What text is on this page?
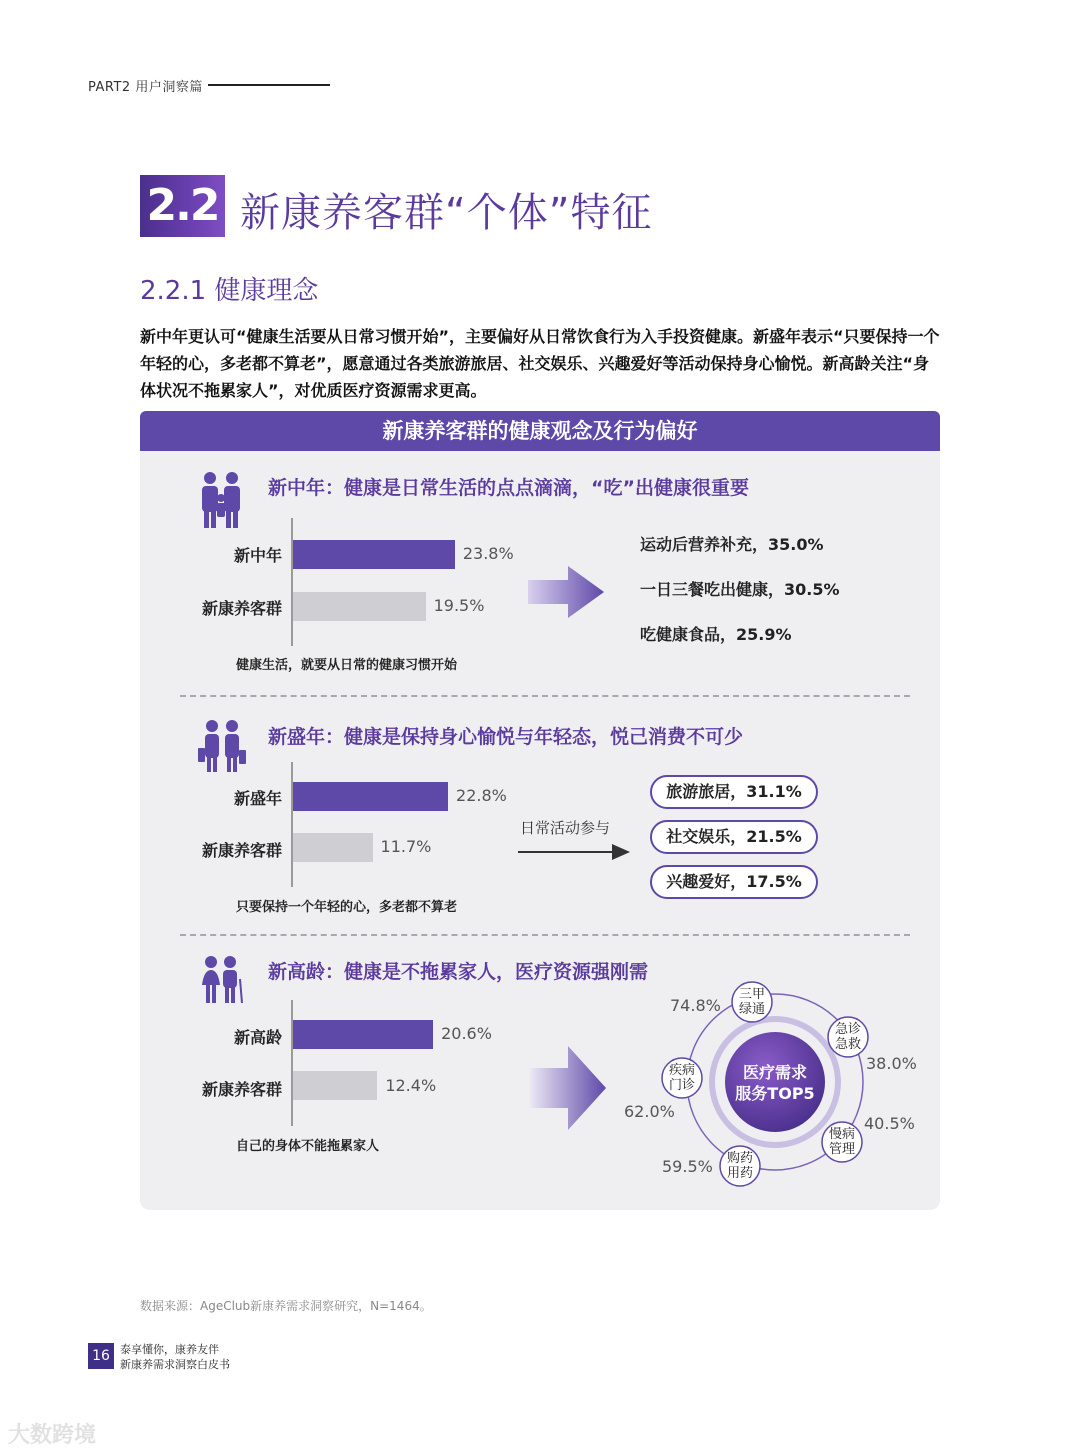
PART2 用户洞察篇
2.2 新康养客群“个体”特征
2.2.1 健康理念
新中年更认可“健康生活要从日常习惯开始”，主要偏好从日常饮食行为入手投资健康。新盛年表示“只要保持一个年轻的心，多老都不算老”，愿意通过各类旅游旅居、社交娱乐、兴趣爱好等活动保持身心愉悦。新高龄关注“身体状况不拖累家人”，对优质医疗资源需求更高。
新康养客群的健康观念及行为偏好
新中年：健康是日常生活的点点滴滴，“吃”出健康很重要
新中年	23.8%
新康养客群	19.5%
健康生活，就要从日常的健康习惯开始
运动后营养补充，35.0%
一日三餐吃出健康，30.5%
吃健康食品，25.9%
新盛年：健康是保持身心愉悦与年轻态，悦己消费不可少
新盛年	22.8%
新康养客群	11.7%
只要保持一个年轻的心，多老都不算老
日常活动参与
旅游旅居，31.1%
社交娱乐，21.5%
兴趣爱好，17.5%
新高龄：健康是不拖累家人，医疗资源强刚需
新高龄	20.6%
新康养客群	12.4%
自己的身体不能拖累家人
医疗需求
服务TOP5
三甲
绿通
74.8%
急诊
急救
38.0%
慢病
管理
40.5%
购药
用药
59.5%
疾病
门诊
62.0%
数据来源：AgeClub新康养需求洞察研究，N=1464。
16 泰享懂你，康养友伴
新康养需求洞察白皮书
大数跨境
